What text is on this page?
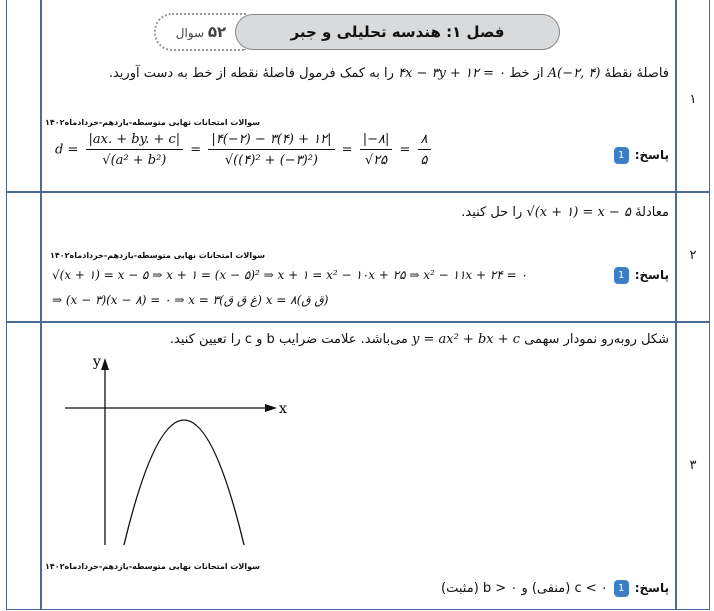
۵۲ سوال	فصل ۱: هندسه تحلیلی و جبر
۱
فاصلهٔ نقطهٔ A(−۲, ۴) از خط ۴x − ۳y + ۱۲ = ۰ را به کمک فرمول فاصلهٔ نقطه از خط به دست آورید.
سوالات امتحانات نهایی متوسطه-یازدهم-خردادماه۱۴۰۲
پاسخ:1
$d = \frac{|ax. + by. + c|}{\text{√(a² + b²)}} = \frac{|۴(-۲) - ۳(۴) + ۱۲|}{\text{√((۴)² + (−۳)²)}} = \frac{|-۸|}{√۲۵} = \frac{۸}{۵}$
۲
معادلهٔ √(x + ۱) = x − ۵ را حل کنید.
سوالات امتحانات نهایی متوسطه-یازدهم-خردادماه۱۴۰۲
پاسخ:1
√(x + ۱) = x − ۵ ⇒ x + ۱ = (x − ۵)² ⇒ x + ۱ = x² − ۱۰x + ۲۵ ⇒ x² − ۱۱x + ۲۴ = ۰
⇒ (x − ۳)(x − ۸) = ۰ ⇒ x = ۳(غ ق ق) x = ۸(ق ق)
۳
شکل روبه‌رو نمودار سهمی y = ax² + bx + c می‌باشد. علامت ضرایب b و c را تعیین کنید.
y
x
سوالات امتحانات نهایی متوسطه-یازدهم-خردادماه۱۴۰۲
پاسخ:1c < ۰ (منفی) و b > ۰ (مثبت)
